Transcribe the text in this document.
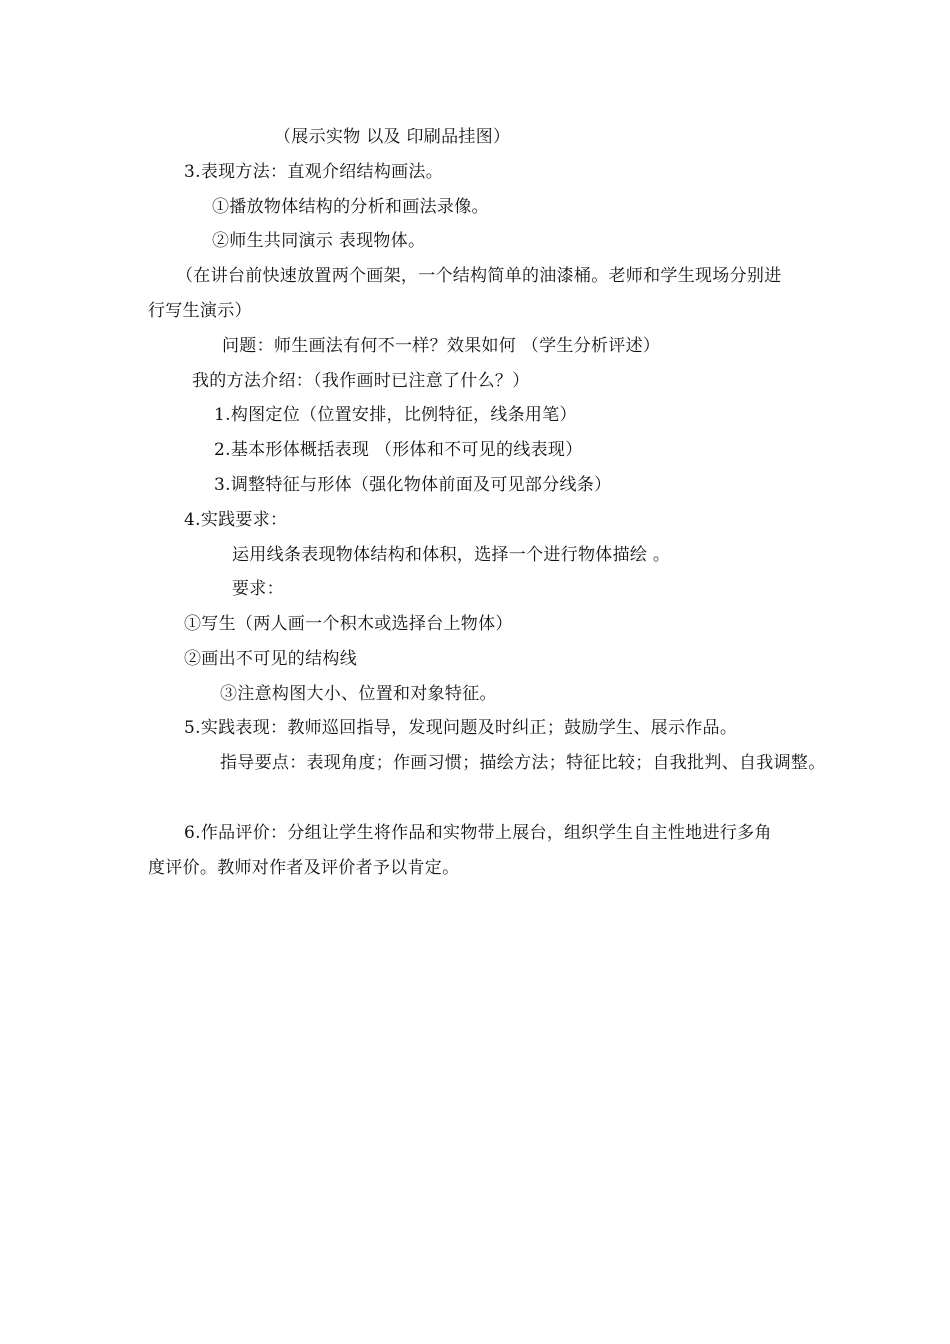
（展示实物 以及 印刷品挂图）
3.表现方法：直观介绍结构画法。
①播放物体结构的分析和画法录像。
②师生共同演示 表现物体。
（在讲台前快速放置两个画架，一个结构简单的油漆桶。老师和学生现场分别进
行写生演示）
问题：师生画法有何不一样？效果如何 （学生分析评述）
我的方法介绍：（我作画时已注意了什么？）
1.构图定位（位置安排，比例特征，线条用笔）
2.基本形体概括表现 （形体和不可见的线表现）
3.调整特征与形体（强化物体前面及可见部分线条）
4.实践要求：
运用线条表现物体结构和体积，选择一个进行物体描绘 。
要求：
①写生（两人画一个积木或选择台上物体）
②画出不可见的结构线
③注意构图大小、位置和对象特征。
5.实践表现：教师巡回指导，发现问题及时纠正；鼓励学生、展示作品。
指导要点：表现角度；作画习惯；描绘方法；特征比较；自我批判、自我调整。
6.作品评价：分组让学生将作品和实物带上展台，组织学生自主性地进行多角
度评价。教师对作者及评价者予以肯定。
